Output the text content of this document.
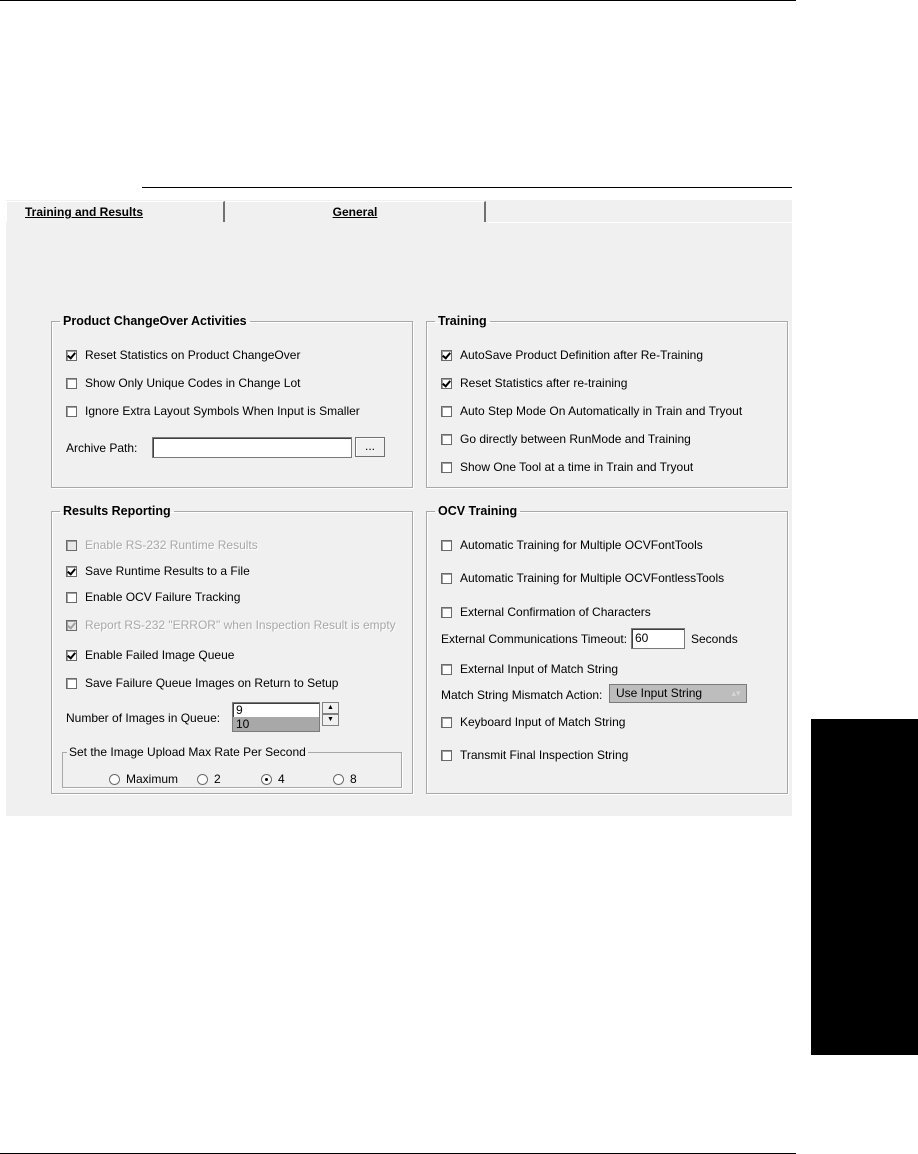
Training and Results	General
Product ChangeOver Activities
Reset Statistics on Product ChangeOver
Show Only Unique Codes in Change Lot
Ignore Extra Layout Symbols When Input is Smaller
Archive Path:	...
Training
AutoSave Product Definition after Re-Training
Reset Statistics after re-training
Auto Step Mode On Automatically in Train and Tryout
Go directly between RunMode and Training
Show One Tool at a time in Train and Tryout
Results Reporting
Enable RS-232 Runtime Results
Save Runtime Results to a File
Enable OCV Failure Tracking
Report RS-232 "ERROR" when Inspection Result is empty
Enable Failed Image Queue
Save Failure Queue Images on Return to Setup
Number of Images in Queue:
9
10
▲
▼
Set the Image Upload Max Rate Per Second
Maximum	2	4	8
OCV Training
Automatic Training for Multiple OCVFontTools
Automatic Training for Multiple OCVFontlessTools
External Confirmation of Characters
External Communications Timeout: 60	Seconds
External Input of Match String
Match String Mismatch Action:	Use Input String	▴▾
Keyboard Input of Match String
Transmit Final Inspection String
